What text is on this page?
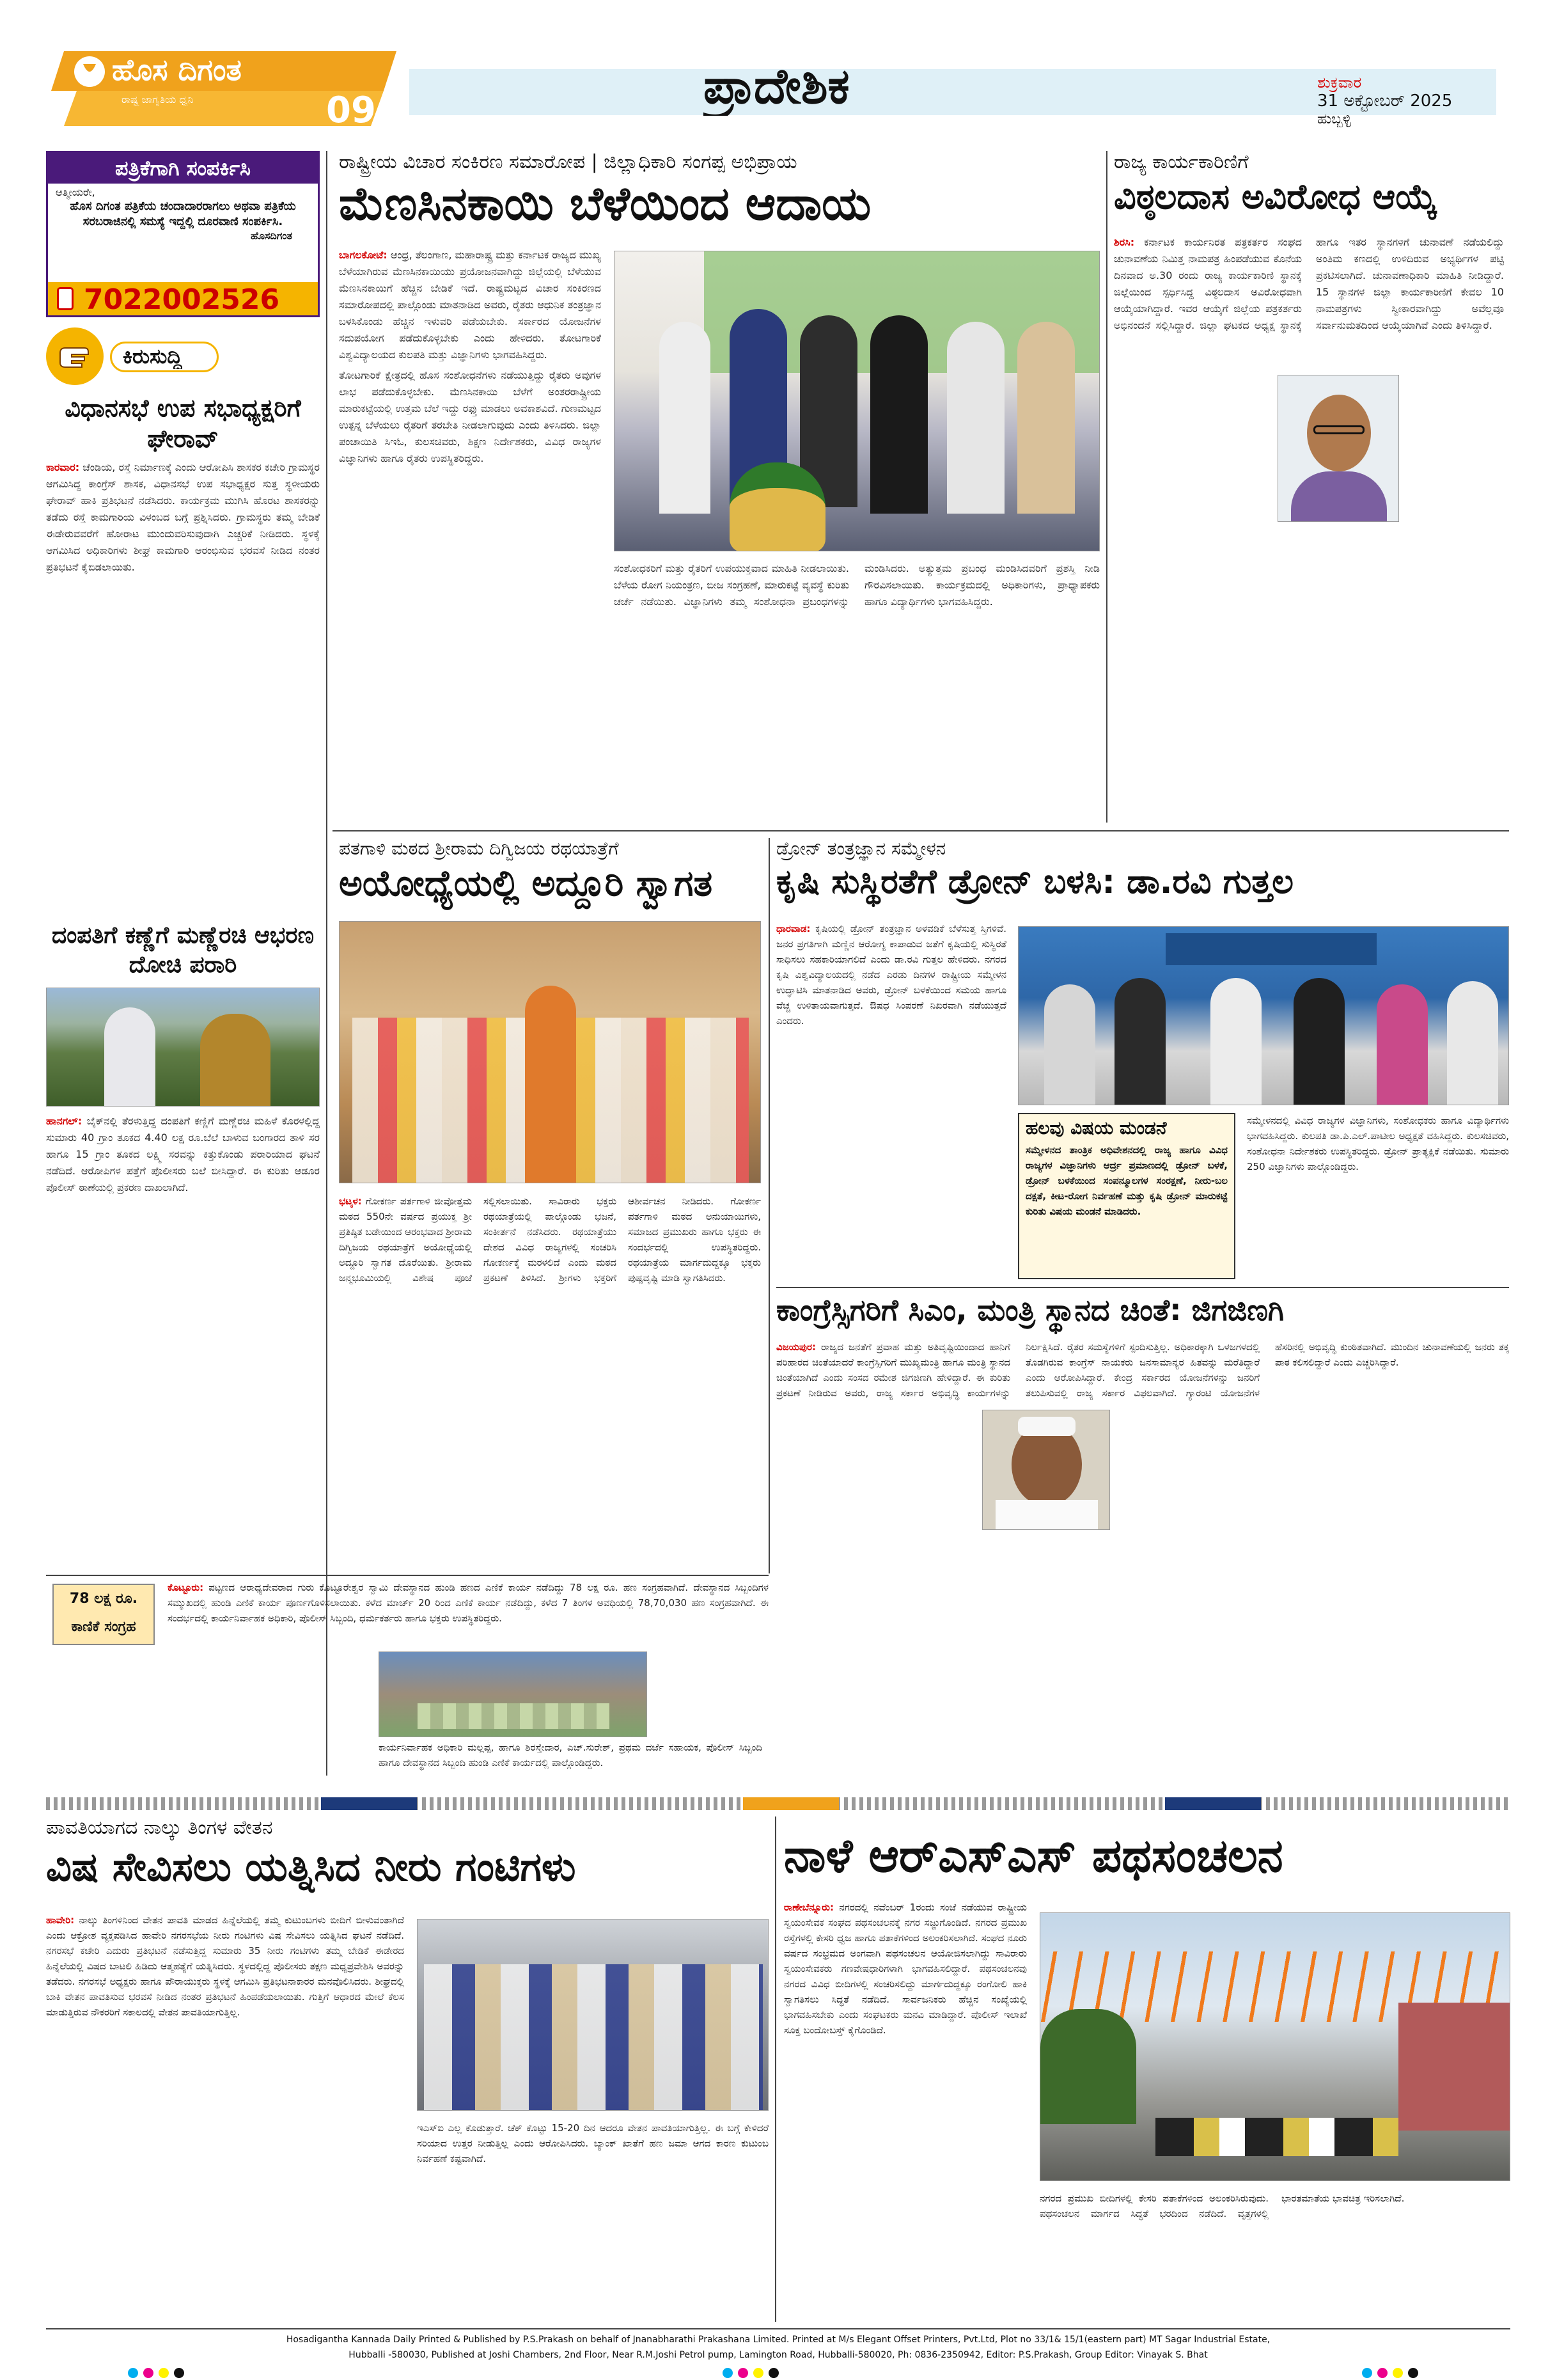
ಹೊಸ ದಿಗಂತ
ರಾಷ್ಟ್ರ ಜಾಗೃತಿಯ ಧ್ವನಿ	09	ಪ್ರಾದೇಶಿಕ	ಶುಕ್ರವಾರ
31 ಅಕ್ಟೋಬರ್ 2025
ಹುಬ್ಬಳ್ಳಿ
ಪತ್ರಿಕೆಗಾಗಿ ಸಂಪರ್ಕಿಸಿ
ಆತ್ಮೀಯರೇ,
ಹೊಸ ದಿಗಂತ ಪತ್ರಿಕೆಯ ಚಂದಾದಾರರಾಗಲು ಅಥವಾ ಪತ್ರಿಕೆಯ ಸರಬರಾಜಿನಲ್ಲಿ ಸಮಸ್ಯೆ ಇದ್ದಲ್ಲಿ ದೂರವಾಣಿ ಸಂಪರ್ಕಿಸಿ.
ಹೊಸದಿಗಂತ
7022002526
ಕಿರುಸುದ್ದಿ
ವಿಧಾನಸಭೆ ಉಪ ಸಭಾಧ್ಯಕ್ಷರಿಗೆ ಘೇರಾವ್
ಕಾರವಾರ: ಚೆಂಡಿಯ, ರಸ್ತೆ ನಿರ್ಮಾಣಕ್ಕೆ ಎಂದು ಆರೋಪಿಸಿ ಶಾಸಕರ ಕಚೇರಿ ಗ್ರಾಮಸ್ಥರ ಆಗಮಿಸಿದ್ದ ಕಾಂಗ್ರೆಸ್ ಶಾಸಕ, ವಿಧಾನಸಭೆ ಉಪ ಸಭಾಧ್ಯಕ್ಷರ ಸುತ್ತ ಸ್ಥಳೀಯರು ಘೇರಾವ್ ಹಾಕಿ ಪ್ರತಿಭಟನೆ ನಡೆಸಿದರು. ಕಾರ್ಯಕ್ರಮ ಮುಗಿಸಿ ಹೊರಟ ಶಾಸಕರನ್ನು ತಡೆದು ರಸ್ತೆ ಕಾಮಗಾರಿಯ ವಿಳಂಬದ ಬಗ್ಗೆ ಪ್ರಶ್ನಿಸಿದರು. ಗ್ರಾಮಸ್ಥರು ತಮ್ಮ ಬೇಡಿಕೆ ಈಡೇರುವವರೆಗೆ ಹೋರಾಟ ಮುಂದುವರಿಸುವುದಾಗಿ ಎಚ್ಚರಿಕೆ ನೀಡಿದರು. ಸ್ಥಳಕ್ಕೆ ಆಗಮಿಸಿದ ಅಧಿಕಾರಿಗಳು ಶೀಘ್ರ ಕಾಮಗಾರಿ ಆರಂಭಿಸುವ ಭರವಸೆ ನೀಡಿದ ನಂತರ ಪ್ರತಿಭಟನೆ ಕೈಬಿಡಲಾಯಿತು.
ದಂಪತಿಗೆ ಕಣ್ಣೆಗೆ ಮಣ್ಣೆರಚಿ ಆಭರಣ ದೋಚಿ ಪರಾರಿ
ಹಾನಗಲ್: ಬೈಕ್‌ನಲ್ಲಿ ತೆರಳುತ್ತಿದ್ದ ದಂಪತಿಗೆ ಕಣ್ಣಿಗೆ ಮಣ್ಣೆರಚಿ ಮಹಿಳೆ ಕೊರಳಲ್ಲಿದ್ದ ಸುಮಾರು 40 ಗ್ರಾಂ ತೂಕದ 4.40 ಲಕ್ಷ ರೂ.ಬೆಲೆ ಬಾಳುವ ಬಂಗಾರದ ತಾಳಿ ಸರ ಹಾಗೂ 15 ಗ್ರಾಂ ತೂಕದ ಲಕ್ಷ್ಮಿ ಸರವನ್ನು ಕಿತ್ತುಕೊಂಡು ಪರಾರಿಯಾದ ಘಟನೆ ನಡೆದಿದೆ. ಆರೋಪಿಗಳ ಪತ್ತೆಗೆ ಪೊಲೀಸರು ಬಲೆ ಬೀಸಿದ್ದಾರೆ. ಈ ಕುರಿತು ಆಡೂರ ಪೊಲೀಸ್ ಠಾಣೆಯಲ್ಲಿ ಪ್ರಕರಣ ದಾಖಲಾಗಿದೆ.
ರಾಷ್ಟ್ರೀಯ ವಿಚಾರ ಸಂಕಿರಣ ಸಮಾರೋಪ | ಜಿಲ್ಲಾಧಿಕಾರಿ ಸಂಗಪ್ಪ ಅಭಿಪ್ರಾಯ
ಮೆಣಸಿನಕಾಯಿ ಬೆಳೆಯಿಂದ ಆದಾಯ
ಬಾಗಲಕೋಟೆ: ಆಂಧ್ರ, ತೆಲಂಗಾಣ, ಮಹಾರಾಷ್ಟ್ರ ಮತ್ತು ಕರ್ನಾಟಕ ರಾಜ್ಯದ ಮುಖ್ಯ ಬೆಳೆಯಾಗಿರುವ ಮೆಣಸಿನಕಾಯಿಯು ಪ್ರಯೋಜನವಾಗಿದ್ದು ಜಿಲ್ಲೆಯಲ್ಲಿ ಬೆಳೆಯುವ ಮೆಣಸಿನಕಾಯಿಗೆ ಹೆಚ್ಚಿನ ಬೇಡಿಕೆ ಇದೆ. ರಾಷ್ಟ್ರಮಟ್ಟದ ವಿಚಾರ ಸಂಕಿರಣದ ಸಮಾರೋಪದಲ್ಲಿ ಪಾಲ್ಗೊಂಡು ಮಾತನಾಡಿದ ಅವರು, ರೈತರು ಆಧುನಿಕ ತಂತ್ರಜ್ಞಾನ ಬಳಸಿಕೊಂಡು ಹೆಚ್ಚಿನ ಇಳುವರಿ ಪಡೆಯಬೇಕು. ಸರ್ಕಾರದ ಯೋಜನೆಗಳ ಸದುಪಯೋಗ ಪಡೆದುಕೊಳ್ಳಬೇಕು ಎಂದು ಹೇಳಿದರು. ತೋಟಗಾರಿಕೆ ವಿಶ್ವವಿದ್ಯಾಲಯದ ಕುಲಪತಿ ಮತ್ತು ವಿಜ್ಞಾನಿಗಳು ಭಾಗವಹಿಸಿದ್ದರು.

ತೋಟಗಾರಿಕೆ ಕ್ಷೇತ್ರದಲ್ಲಿ ಹೊಸ ಸಂಶೋಧನೆಗಳು ನಡೆಯುತ್ತಿದ್ದು ರೈತರು ಅವುಗಳ ಲಾಭ ಪಡೆದುಕೊಳ್ಳಬೇಕು. ಮೆಣಸಿನಕಾಯಿ ಬೆಳೆಗೆ ಅಂತರರಾಷ್ಟ್ರೀಯ ಮಾರುಕಟ್ಟೆಯಲ್ಲಿ ಉತ್ತಮ ಬೆಲೆ ಇದ್ದು ರಫ್ತು ಮಾಡಲು ಅವಕಾಶವಿದೆ. ಗುಣಮಟ್ಟದ ಉತ್ಪನ್ನ ಬೆಳೆಯಲು ರೈತರಿಗೆ ತರಬೇತಿ ನೀಡಲಾಗುವುದು ಎಂದು ತಿಳಿಸಿದರು. ಜಿಲ್ಲಾ ಪಂಚಾಯಿತಿ ಸಿಇಓ, ಕುಲಸಚಿವರು, ಶಿಕ್ಷಣ ನಿರ್ದೇಶಕರು, ವಿವಿಧ ರಾಜ್ಯಗಳ ವಿಜ್ಞಾನಿಗಳು ಹಾಗೂ ರೈತರು ಉಪಸ್ಥಿತರಿದ್ದರು.

ಸಂಶೋಧಕರಿಗೆ ಮತ್ತು ರೈತರಿಗೆ ಉಪಯುಕ್ತವಾದ ಮಾಹಿತಿ ನೀಡಲಾಯಿತು. ಬೆಳೆಯ ರೋಗ ನಿಯಂತ್ರಣ, ಬೀಜ ಸಂಗ್ರಹಣೆ, ಮಾರುಕಟ್ಟೆ ವ್ಯವಸ್ಥೆ ಕುರಿತು ಚರ್ಚೆ ನಡೆಯಿತು. ವಿಜ್ಞಾನಿಗಳು ತಮ್ಮ ಸಂಶೋಧನಾ ಪ್ರಬಂಧಗಳನ್ನು ಮಂಡಿಸಿದರು. ಅತ್ಯುತ್ತಮ ಪ್ರಬಂಧ ಮಂಡಿಸಿದವರಿಗೆ ಪ್ರಶಸ್ತಿ ನೀಡಿ ಗೌರವಿಸಲಾಯಿತು. ಕಾರ್ಯಕ್ರಮದಲ್ಲಿ ಅಧಿಕಾರಿಗಳು, ಪ್ರಾಧ್ಯಾಪಕರು ಹಾಗೂ ವಿದ್ಯಾರ್ಥಿಗಳು ಭಾಗವಹಿಸಿದ್ದರು.
ರಾಜ್ಯ ಕಾರ್ಯಕಾರಿಣಿಗೆ
ವಿಠ್ಠಲದಾಸ ಅವಿರೋಧ ಆಯ್ಕೆ
ಶಿರಸಿ: ಕರ್ನಾಟಕ ಕಾರ್ಯನಿರತ ಪತ್ರಕರ್ತರ ಸಂಘದ ಚುನಾವಣೆಯ ನಿಮಿತ್ತ ನಾಮಪತ್ರ ಹಿಂಪಡೆಯುವ ಕೊನೆಯ ದಿನವಾದ ಅ.30 ರಂದು ರಾಜ್ಯ ಕಾರ್ಯಕಾರಿಣಿ ಸ್ಥಾನಕ್ಕೆ ಜಿಲ್ಲೆಯಿಂದ ಸ್ಪರ್ಧಿಸಿದ್ದ ವಿಠ್ಠಲದಾಸ ಅವಿರೋಧವಾಗಿ ಆಯ್ಕೆಯಾಗಿದ್ದಾರೆ. ಇವರ ಆಯ್ಕೆಗೆ ಜಿಲ್ಲೆಯ ಪತ್ರಕರ್ತರು ಅಭಿನಂದನೆ ಸಲ್ಲಿಸಿದ್ದಾರೆ. ಜಿಲ್ಲಾ ಘಟಕದ ಅಧ್ಯಕ್ಷ ಸ್ಥಾನಕ್ಕೆ ಹಾಗೂ ಇತರ ಸ್ಥಾನಗಳಿಗೆ ಚುನಾವಣೆ ನಡೆಯಲಿದ್ದು ಅಂತಿಮ ಕಣದಲ್ಲಿ ಉಳಿದಿರುವ ಅಭ್ಯರ್ಥಿಗಳ ಪಟ್ಟಿ ಪ್ರಕಟಿಸಲಾಗಿದೆ. ಚುನಾವಣಾಧಿಕಾರಿ ಮಾಹಿತಿ ನೀಡಿದ್ದಾರೆ. 15 ಸ್ಥಾನಗಳ ಜಿಲ್ಲಾ ಕಾರ್ಯಕಾರಿಣಿಗೆ ಕೇವಲ 10 ನಾಮಪತ್ರಗಳು ಸ್ವೀಕಾರವಾಗಿದ್ದು ಅವೆಲ್ಲವೂ ಸರ್ವಾನುಮತದಿಂದ ಆಯ್ಕೆಯಾಗಿವೆ ಎಂದು ತಿಳಿಸಿದ್ದಾರೆ.
ಪತಗಾಳಿ ಮಠದ ಶ್ರೀರಾಮ ದಿಗ್ವಿಜಯ ರಥಯಾತ್ರೆಗೆ
ಅಯೋಧ್ಯೆಯಲ್ಲಿ ಅದ್ದೂರಿ ಸ್ವಾಗತ
ಭಟ್ಕಳ: ಗೋಕರ್ಣ ಪರ್ತಗಾಳಿ ಜೀವೋತ್ತಮ ಮಠದ 550ನೇ ವರ್ಷದ ಪ್ರಯುಕ್ತ ಶ್ರೀ ಪ್ರತಿಷ್ಠಿತ ಬಡೇಯಿಂದ ಆರಂಭವಾದ ಶ್ರೀರಾಮ ದಿಗ್ವಿಜಯ ರಥಯಾತ್ರೆಗೆ ಅಯೋಧ್ಯೆಯಲ್ಲಿ ಅದ್ದೂರಿ ಸ್ವಾಗತ ದೊರೆಯಿತು. ಶ್ರೀರಾಮ ಜನ್ಮಭೂಮಿಯಲ್ಲಿ ವಿಶೇಷ ಪೂಜೆ ಸಲ್ಲಿಸಲಾಯಿತು. ಸಾವಿರಾರು ಭಕ್ತರು ರಥಯಾತ್ರೆಯಲ್ಲಿ ಪಾಲ್ಗೊಂಡು ಭಜನೆ, ಸಂಕೀರ್ತನೆ ನಡೆಸಿದರು. ರಥಯಾತ್ರೆಯು ದೇಶದ ವಿವಿಧ ರಾಜ್ಯಗಳಲ್ಲಿ ಸಂಚರಿಸಿ ಗೋಕರ್ಣಕ್ಕೆ ಮರಳಲಿದೆ ಎಂದು ಮಠದ ಪ್ರಕಟಣೆ ತಿಳಿಸಿದೆ. ಶ್ರೀಗಳು ಭಕ್ತರಿಗೆ ಆಶೀರ್ವಚನ ನೀಡಿದರು. ಗೋಕರ್ಣ ಪರ್ತಗಾಳಿ ಮಠದ ಅನುಯಾಯಿಗಳು, ಸಮಾಜದ ಪ್ರಮುಖರು ಹಾಗೂ ಭಕ್ತರು ಈ ಸಂದರ್ಭದಲ್ಲಿ ಉಪಸ್ಥಿತರಿದ್ದರು. ರಥಯಾತ್ರೆಯ ಮಾರ್ಗದುದ್ದಕ್ಕೂ ಭಕ್ತರು ಪುಷ್ಪವೃಷ್ಟಿ ಮಾಡಿ ಸ್ವಾಗತಿಸಿದರು.
ಡ್ರೋನ್ ತಂತ್ರಜ್ಞಾನ ಸಮ್ಮೇಳನ
ಕೃಷಿ ಸುಸ್ಥಿರತೆಗೆ ಡ್ರೋನ್ ಬಳಸಿ: ಡಾ.ರವಿ ಗುತ್ತಲ
ಧಾರವಾಡ: ಕೃಷಿಯಲ್ಲಿ ಡ್ರೋನ್ ತಂತ್ರಜ್ಞಾನ ಅಳವಡಿಕೆ ಬೆಳೆಸುತ್ತ ಸ್ತಿಗಳಿವೆ. ಜನರ ಪ್ರಗತಿಗಾಗಿ ಮಣ್ಣಿನ ಆರೋಗ್ಯ ಕಾಪಾಡುವ ಜತೆಗೆ ಕೃಷಿಯಲ್ಲಿ ಸುಸ್ಥಿರತೆ ಸಾಧಿಸಲು ಸಹಕಾರಿಯಾಗಲಿದೆ ಎಂದು ಡಾ.ರವಿ ಗುತ್ತಲ ಹೇಳಿದರು. ನಗರದ ಕೃಷಿ ವಿಶ್ವವಿದ್ಯಾಲಯದಲ್ಲಿ ನಡೆದ ಎರಡು ದಿನಗಳ ರಾಷ್ಟ್ರೀಯ ಸಮ್ಮೇಳನ ಉದ್ಘಾಟಿಸಿ ಮಾತನಾಡಿದ ಅವರು, ಡ್ರೋನ್ ಬಳಕೆಯಿಂದ ಸಮಯ ಹಾಗೂ ವೆಚ್ಚ ಉಳಿತಾಯವಾಗುತ್ತದೆ. ಔಷಧ ಸಿಂಪರಣೆ ನಿಖರವಾಗಿ ನಡೆಯುತ್ತದೆ ಎಂದರು.
ಹಲವು ವಿಷಯ ಮಂಡನೆ
ಸಮ್ಮೇಳನದ ತಾಂತ್ರಿಕ ಅಧಿವೇಶನದಲ್ಲಿ ರಾಜ್ಯ ಹಾಗೂ ವಿವಿಧ ರಾಜ್ಯಗಳ ವಿಜ್ಞಾನಿಗಳು ಆರ್ದ್ರ ಪ್ರಮಾಣದಲ್ಲಿ ಡ್ರೋನ್ ಬಳಕೆ, ಡ್ರೋನ್ ಬಳಕೆಯಿಂದ ಸಂಪನ್ಮೂಲಗಳ ಸಂರಕ್ಷಣೆ, ನೀರು-ಬಲ ದಕ್ಷತೆ, ಕೀಟ-ರೋಗ ನಿರ್ವಹಣೆ ಮತ್ತು ಕೃಷಿ ಡ್ರೋನ್ ಮಾರುಕಟ್ಟೆ ಕುರಿತು ವಿಷಯ ಮಂಡನೆ ಮಾಡಿದರು.
ಸಮ್ಮೇಳನದಲ್ಲಿ ವಿವಿಧ ರಾಜ್ಯಗಳ ವಿಜ್ಞಾನಿಗಳು, ಸಂಶೋಧಕರು ಹಾಗೂ ವಿದ್ಯಾರ್ಥಿಗಳು ಭಾಗವಹಿಸಿದ್ದರು. ಕುಲಪತಿ ಡಾ.ಪಿ.ಎಲ್.ಪಾಟೀಲ ಅಧ್ಯಕ್ಷತೆ ವಹಿಸಿದ್ದರು. ಕುಲಸಚಿವರು, ಸಂಶೋಧನಾ ನಿರ್ದೇಶಕರು ಉಪಸ್ಥಿತರಿದ್ದರು. ಡ್ರೋನ್ ಪ್ರಾತ್ಯಕ್ಷಿಕೆ ನಡೆಯಿತು. ಸುಮಾರು 250 ವಿಜ್ಞಾನಿಗಳು ಪಾಲ್ಗೊಂಡಿದ್ದರು.
ಕಾಂಗ್ರೆಸ್ಸಿಗರಿಗೆ ಸಿಎಂ, ಮಂತ್ರಿ ಸ್ಥಾನದ ಚಿಂತೆ: ಜಿಗಜಿಣಗಿ
ವಿಜಯಪುರ: ರಾಜ್ಯದ ಜನತೆಗೆ ಪ್ರವಾಹ ಮತ್ತು ಅತಿವೃಷ್ಟಿಯಿಂದಾದ ಹಾನಿಗೆ ಪರಿಹಾರದ ಚಿಂತೆಯಾದರೆ ಕಾಂಗ್ರೆಸ್ಸಿಗರಿಗೆ ಮುಖ್ಯಮಂತ್ರಿ ಹಾಗೂ ಮಂತ್ರಿ ಸ್ಥಾನದ ಚಿಂತೆಯಾಗಿದೆ ಎಂದು ಸಂಸದ ರಮೇಶ ಜಿಗಜಿಣಗಿ ಹೇಳಿದ್ದಾರೆ. ಈ ಕುರಿತು ಪ್ರಕಟಣೆ ನೀಡಿರುವ ಅವರು, ರಾಜ್ಯ ಸರ್ಕಾರ ಅಭಿವೃದ್ಧಿ ಕಾರ್ಯಗಳನ್ನು ನಿರ್ಲಕ್ಷಿಸಿದೆ. ರೈತರ ಸಮಸ್ಯೆಗಳಿಗೆ ಸ್ಪಂದಿಸುತ್ತಿಲ್ಲ. ಅಧಿಕಾರಕ್ಕಾಗಿ ಒಳಜಗಳದಲ್ಲಿ ತೊಡಗಿರುವ ಕಾಂಗ್ರೆಸ್ ನಾಯಕರು ಜನಸಾಮಾನ್ಯರ ಹಿತವನ್ನು ಮರೆತಿದ್ದಾರೆ ಎಂದು ಆರೋಪಿಸಿದ್ದಾರೆ. ಕೇಂದ್ರ ಸರ್ಕಾರದ ಯೋಜನೆಗಳನ್ನು ಜನರಿಗೆ ತಲುಪಿಸುವಲ್ಲಿ ರಾಜ್ಯ ಸರ್ಕಾರ ವಿಫಲವಾಗಿದೆ. ಗ್ಯಾರಂಟಿ ಯೋಜನೆಗಳ ಹೆಸರಿನಲ್ಲಿ ಅಭಿವೃದ್ಧಿ ಕುಂಠಿತವಾಗಿದೆ. ಮುಂದಿನ ಚುನಾವಣೆಯಲ್ಲಿ ಜನರು ತಕ್ಕ ಪಾಠ ಕಲಿಸಲಿದ್ದಾರೆ ಎಂದು ಎಚ್ಚರಿಸಿದ್ದಾರೆ.
78 ಲಕ್ಷ ರೂ. ಕಾಣಿಕೆ ಸಂಗ್ರಹ
ಕೊಟ್ಟೂರು: ಪಟ್ಟಣದ ಆರಾಧ್ಯದೇವರಾದ ಗುರು ಕೊಟ್ಟೂರೇಶ್ವರ ಸ್ವಾಮಿ ದೇವಸ್ಥಾನದ ಹುಂಡಿ ಹಣದ ಎಣಿಕೆ ಕಾರ್ಯ ನಡೆದಿದ್ದು 78 ಲಕ್ಷ ರೂ. ಹಣ ಸಂಗ್ರಹವಾಗಿದೆ. ದೇವಸ್ಥಾನದ ಸಿಬ್ಬಂದಿಗಳ ಸಮ್ಮುಖದಲ್ಲಿ ಹುಂಡಿ ಎಣಿಕೆ ಕಾರ್ಯ ಪೂರ್ಣಗೊಳಿಸಲಾಯಿತು. ಕಳೆದ ಮಾರ್ಚ್ 20 ರಿಂದ ಎಣಿಕೆ ಕಾರ್ಯ ನಡೆದಿದ್ದು, ಕಳೆದ 7 ತಿಂಗಳ ಅವಧಿಯಲ್ಲಿ 78,70,030 ಹಣ ಸಂಗ್ರಹವಾಗಿದೆ. ಈ ಸಂದರ್ಭದಲ್ಲಿ ಕಾರ್ಯನಿರ್ವಾಹಕ ಅಧಿಕಾರಿ, ಪೊಲೀಸ್ ಸಿಬ್ಬಂದಿ, ಧರ್ಮಕರ್ತರು ಹಾಗೂ ಭಕ್ತರು ಉಪಸ್ಥಿತರಿದ್ದರು.
ಕಾರ್ಯನಿರ್ವಾಹಕ ಅಧಿಕಾರಿ ಮಲ್ಲಪ್ಪ, ಹಾಗೂ ಶಿರಸ್ತೇದಾರ, ಎಚ್.ಸುರೇಶ್, ಪ್ರಥಮ ದರ್ಜೆ ಸಹಾಯಕ, ಪೊಲೀಸ್ ಸಿಬ್ಬಂದಿ ಹಾಗೂ ದೇವಸ್ಥಾನದ ಸಿಬ್ಬಂದಿ ಹುಂಡಿ ಎಣಿಕೆ ಕಾರ್ಯದಲ್ಲಿ ಪಾಲ್ಗೊಂಡಿದ್ದರು.
ಪಾವತಿಯಾಗದ ನಾಲ್ಕು ತಿಂಗಳ ವೇತನ
ವಿಷ ಸೇವಿಸಲು ಯತ್ನಿಸಿದ ನೀರು ಗಂಟಿಗಳು
ಹಾವೇರಿ: ನಾಲ್ಕು ತಿಂಗಳಿನಿಂದ ವೇತನ ಪಾವತಿ ಮಾಡದ ಹಿನ್ನೆಲೆಯಲ್ಲಿ ತಮ್ಮ ಕುಟುಂಬಗಳು ಬೀದಿಗೆ ಬೀಳುವಂತಾಗಿದೆ ಎಂದು ಆಕ್ರೋಶ ವ್ಯಕ್ತಪಡಿಸಿದ ಹಾವೇರಿ ನಗರಸಭೆಯ ನೀರು ಗಂಟಿಗಳು ವಿಷ ಸೇವಿಸಲು ಯತ್ನಿಸಿದ ಘಟನೆ ನಡೆದಿದೆ. ನಗರಸಭೆ ಕಚೇರಿ ಎದುರು ಪ್ರತಿಭಟನೆ ನಡೆಸುತ್ತಿದ್ದ ಸುಮಾರು 35 ನೀರು ಗಂಟಿಗಳು ತಮ್ಮ ಬೇಡಿಕೆ ಈಡೇರದ ಹಿನ್ನೆಲೆಯಲ್ಲಿ ವಿಷದ ಬಾಟಲಿ ಹಿಡಿದು ಆತ್ಮಹತ್ಯೆಗೆ ಯತ್ನಿಸಿದರು. ಸ್ಥಳದಲ್ಲಿದ್ದ ಪೊಲೀಸರು ತಕ್ಷಣ ಮಧ್ಯಪ್ರವೇಶಿಸಿ ಅವರನ್ನು ತಡೆದರು. ನಗರಸಭೆ ಅಧ್ಯಕ್ಷರು ಹಾಗೂ ಪೌರಾಯುಕ್ತರು ಸ್ಥಳಕ್ಕೆ ಆಗಮಿಸಿ ಪ್ರತಿಭಟನಾಕಾರರ ಮನವೊಲಿಸಿದರು. ಶೀಘ್ರದಲ್ಲಿ ಬಾಕಿ ವೇತನ ಪಾವತಿಸುವ ಭರವಸೆ ನೀಡಿದ ನಂತರ ಪ್ರತಿಭಟನೆ ಹಿಂಪಡೆಯಲಾಯಿತು. ಗುತ್ತಿಗೆ ಆಧಾರದ ಮೇಲೆ ಕೆಲಸ ಮಾಡುತ್ತಿರುವ ನೌಕರರಿಗೆ ಸಕಾಲದಲ್ಲಿ ವೇತನ ಪಾವತಿಯಾಗುತ್ತಿಲ್ಲ.
ಇಎಸ್‌ಐ ಎಲ್ಲ ಕೊಡುತ್ತಾರೆ. ಚೆಕ್ ಕೊಟ್ಟು 15-20 ದಿನ ಆದರೂ ವೇತನ ಪಾವತಿಯಾಗುತ್ತಿಲ್ಲ. ಈ ಬಗ್ಗೆ ಕೇಳಿದರೆ ಸರಿಯಾದ ಉತ್ತರ ನೀಡುತ್ತಿಲ್ಲ ಎಂದು ಆರೋಪಿಸಿದರು. ಬ್ಯಾಂಕ್ ಖಾತೆಗೆ ಹಣ ಜಮಾ ಆಗದ ಕಾರಣ ಕುಟುಂಬ ನಿರ್ವಹಣೆ ಕಷ್ಟವಾಗಿದೆ.
ನಾಳೆ ಆರ್‌ಎಸ್‌ಎಸ್ ಪಥಸಂಚಲನ
ರಾಣೇಬೆನ್ನೂರು: ನಗರದಲ್ಲಿ ನವೆಂಬರ್ 1ರಂದು ಸಂಜೆ ನಡೆಯುವ ರಾಷ್ಟ್ರೀಯ ಸ್ವಯಂಸೇವಕ ಸಂಘದ ಪಥಸಂಚಲನಕ್ಕೆ ನಗರ ಸಜ್ಜುಗೊಂಡಿದೆ. ನಗರದ ಪ್ರಮುಖ ರಸ್ತೆಗಳಲ್ಲಿ ಕೇಸರಿ ಧ್ವಜ ಹಾಗೂ ಪತಾಕೆಗಳಿಂದ ಅಲಂಕರಿಸಲಾಗಿದೆ. ಸಂಘದ ನೂರು ವರ್ಷದ ಸಂಭ್ರಮದ ಅಂಗವಾಗಿ ಪಥಸಂಚಲನ ಆಯೋಜಿಸಲಾಗಿದ್ದು ಸಾವಿರಾರು ಸ್ವಯಂಸೇವಕರು ಗಣವೇಷಧಾರಿಗಳಾಗಿ ಭಾಗವಹಿಸಲಿದ್ದಾರೆ. ಪಥಸಂಚಲನವು ನಗರದ ವಿವಿಧ ಬೀದಿಗಳಲ್ಲಿ ಸಂಚರಿಸಲಿದ್ದು ಮಾರ್ಗದುದ್ದಕ್ಕೂ ರಂಗೋಲಿ ಹಾಕಿ ಸ್ವಾಗತಿಸಲು ಸಿದ್ಧತೆ ನಡೆದಿದೆ. ಸಾರ್ವಜನಿಕರು ಹೆಚ್ಚಿನ ಸಂಖ್ಯೆಯಲ್ಲಿ ಭಾಗವಹಿಸಬೇಕು ಎಂದು ಸಂಘಟಕರು ಮನವಿ ಮಾಡಿದ್ದಾರೆ. ಪೊಲೀಸ್ ಇಲಾಖೆ ಸೂಕ್ತ ಬಂದೋಬಸ್ತ್ ಕೈಗೊಂಡಿದೆ.
ನಗರದ ಪ್ರಮುಖ ಬೀದಿಗಳಲ್ಲಿ ಕೇಸರಿ ಪತಾಕೆಗಳಿಂದ ಅಲಂಕರಿಸಿರುವುದು. ಪಥಸಂಚಲನ ಮಾರ್ಗದ ಸಿದ್ಧತೆ ಭರದಿಂದ ನಡೆದಿದೆ. ವೃತ್ತಗಳಲ್ಲಿ ಭಾರತಮಾತೆಯ ಭಾವಚಿತ್ರ ಇರಿಸಲಾಗಿದೆ.
Hosadigantha Kannada Daily Printed & Published by P.S.Prakash on behalf of Jnanabharathi Prakashana Limited. Printed at M/s Elegant Offset Printers, Pvt.Ltd, Plot no 33/1& 15/1(eastern part) MT Sagar Industrial Estate,
Hubballi -580030, Published at Joshi Chambers, 2nd Floor, Near R.M.Joshi Petrol pump, Lamington Road, Hubballi-580020, Ph: 0836-2350942, Editor: P.S.Prakash, Group Editor: Vinayak S. Bhat
